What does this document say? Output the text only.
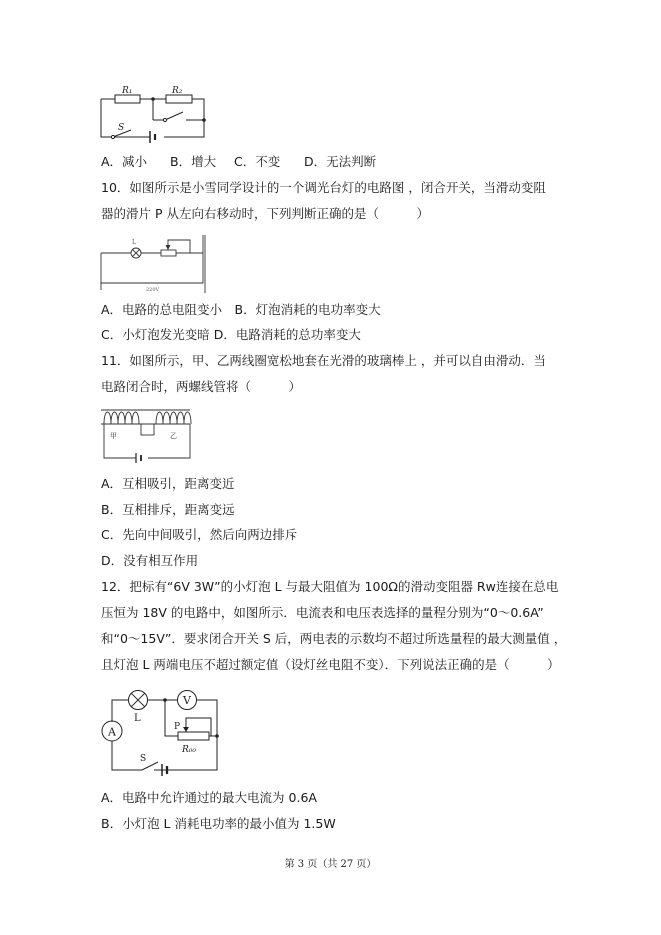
R₁	R₂
S
A．减小 B．增大 C．不变 D．无法判断
10．如图所示是小雪同学设计的一个调光台灯的电路图 ，闭合开关，当滑动变阻
器的滑片 P 从左向右移动时，下列判断正确的是（　　　）
L
220V
A．电路的总电阻变小　B．灯泡消耗的电功率变大
C．小灯泡发光变暗 D．电路消耗的总功率变大
11．如图所示，甲、乙两线圈宽松地套在光滑的玻璃棒上 ，并可以自由滑动．当
电路闭合时，两螺线管将（　　　）
甲	乙
A．互相吸引，距离变近
B．互相排斥，距离变远
C．先向中间吸引，然后向两边排斥
D．没有相互作用
12．把标有“6V 3W”的小灯泡 L 与最大阻值为 100Ω的滑动变阻器 Rw连接在总电
压恒为 18V 的电路中，如图所示．电流表和电压表选择的量程分别为“0～0.6A”
和“0～15V”．要求闭合开关 S 后，两电表的示数均不超过所选量程的最大测量值 ，
且灯泡 L 两端电压不超过额定值（设灯丝电阻不变）．下列说法正确的是（　　　）
A
V
L
P
R₀₀
S
A．电路中允许通过的最大电流为 0.6A
B．小灯泡 L 消耗电功率的最小值为 1.5W
第 3 页（共 27 页）
